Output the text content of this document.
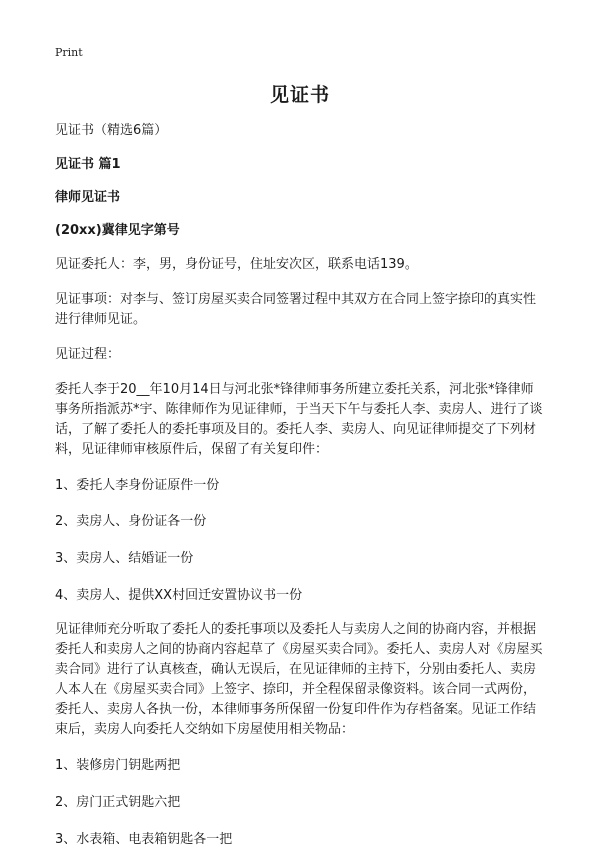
Print
见证书

见证书（精选6篇）

见证书 篇1

律师见证书

(20xx)冀律见字第号

见证委托人：李，男，身份证号，住址安次区，联系电话139。

见证事项：对李与、签订房屋买卖合同签署过程中其双方在合同上签字捺印的真实性进行律师见证。

见证过程：

委托人李于20__年10月14日与河北张*锋律师事务所建立委托关系，河北张*锋律师事务所指派苏*宇、陈律师作为见证律师，于当天下午与委托人李、卖房人、进行了谈话，了解了委托人的委托事项及目的。委托人李、卖房人、向见证律师提交了下列材料，见证律师审核原件后，保留了有关复印件：

1、委托人李身份证原件一份

2、卖房人、身份证各一份

3、卖房人、结婚证一份

4、卖房人、提供XX村回迁安置协议书一份

见证律师充分听取了委托人的委托事项以及委托人与卖房人之间的协商内容，并根据委托人和卖房人之间的协商内容起草了《房屋买卖合同》。委托人、卖房人对《房屋买卖合同》进行了认真核查，确认无误后，在见证律师的主持下，分别由委托人、卖房人本人在《房屋买卖合同》上签字、捺印，并全程保留录像资料。该合同一式两份，委托人、卖房人各执一份，本律师事务所保留一份复印件作为存档备案。见证工作结束后，卖房人向委托人交纳如下房屋使用相关物品：

1、装修房门钥匙两把

2、房门正式钥匙六把

3、水表箱、电表箱钥匙各一把
